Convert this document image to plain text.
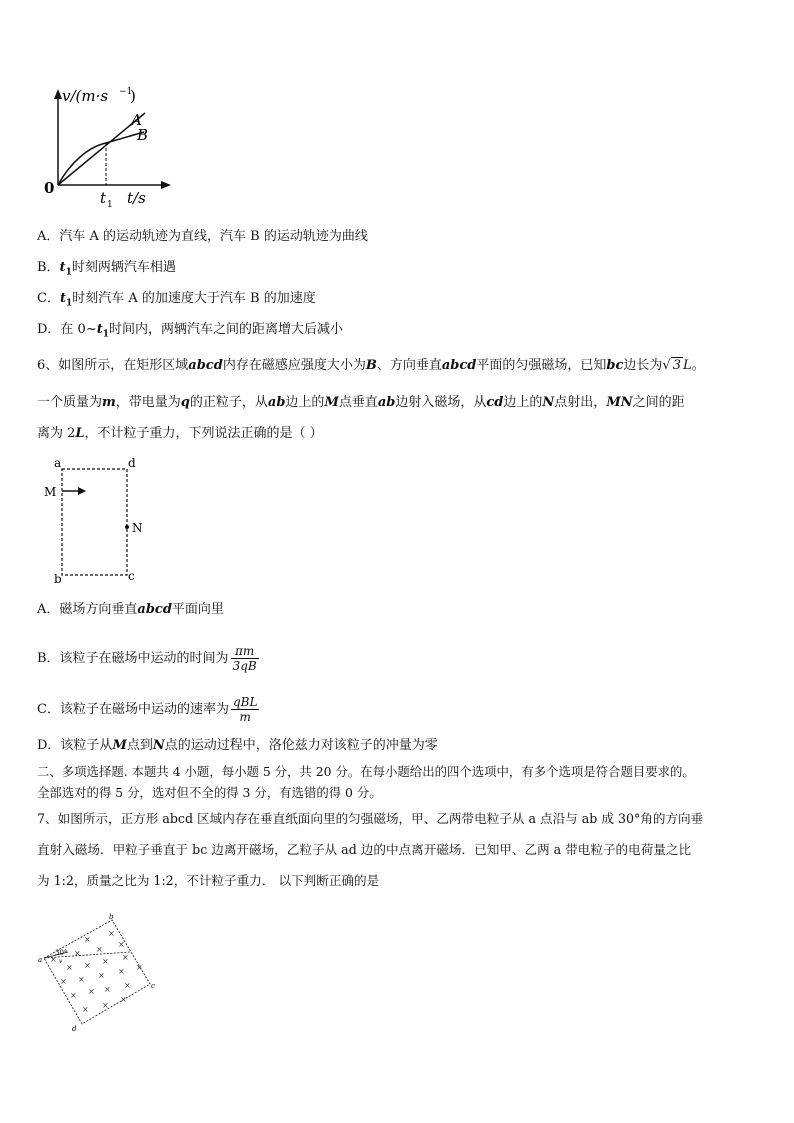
v/(m·s −1
)
A
B
0
t 1 t/s
A．汽车 A 的运动轨迹为直线，汽车 B 的运动轨迹为曲线
B．$t_1$时刻两辆汽车相遇
C．$t_1$时刻汽车 A 的加速度大于汽车 B 的加速度
D．在 $0\sim t_1$时间内，两辆汽车之间的距离增大后减小
6、如图所示，在矩形区域abcd内存在磁感应强度大小为B、方向垂直abcd平面的匀强磁场，已知bc边长为√ 3 L。
一个质量为m，带电量为q的正粒子，从ab边上的M点垂直ab边射入磁场，从cd边上的N点射出，MN之间的距
离为 2L，不计粒子重力，下列说法正确的是（ ）
a	d
M
N
b	c
A．磁场方向垂直abcd平面向里
B．该粒子在磁场中运动的时间为 $\frac{\pi m}{3qB}$
C．该粒子在磁场中运动的速率为 $\frac{\text{qBL}}{m}$
D．该粒子从M点到N点的运动过程中，洛伦兹力对该粒子的冲量为零
二、多项选择题. 本题共 4 小题，每小题 5 分，共 20 分。在每小题给出的四个选项中，有多个选项是符合题目要求的。
全部选对的得 5 分，选对但不全的得 3 分，有选错的得 0 分。
7、如图所示，正方形 abcd 区域内存在垂直纸面向里的匀强磁场，甲、乙两带电粒子从 a 点沿与 ab 成 30°角的方向垂
直射入磁场．甲粒子垂直于 bc 边离开磁场，乙粒子从 ad 边的中点离开磁场．已知甲、乙两 a 带电粒子的电荷量之比
为 1:2，质量之比为 1:2，不计粒子重力． 以下判断正确的是
a
b
c
d
30°
v
×
×
×
× ×
×
× × × ×
× × × × ×
× × × ×
× ×
×
